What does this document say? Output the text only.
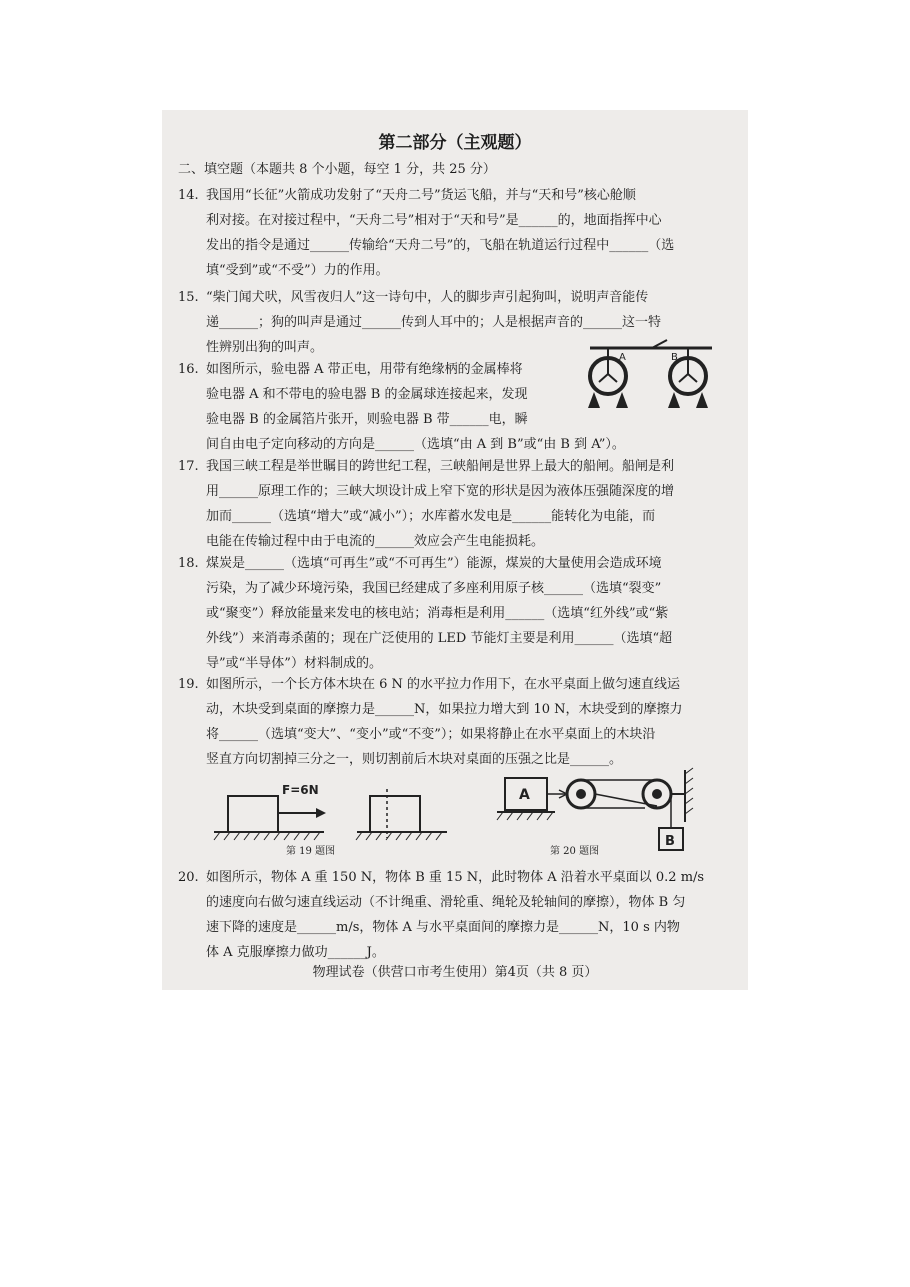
第二部分（主观题）
二、填空题（本题共 8 个小题，每空 1 分，共 25 分）
14. 我国用“长征”火箭成功发射了“天舟二号”货运飞船，并与“天和号”核心舱顺
利对接。在对接过程中，“天舟二号”相对于“天和号”是______的，地面指挥中心
发出的指令是通过______传输给“天舟二号”的，飞船在轨道运行过程中______（选
填“受到”或“不受”）力的作用。
15. “柴门闻犬吠，风雪夜归人”这一诗句中，人的脚步声引起狗叫，说明声音能传
递______；狗的叫声是通过______传到人耳中的；人是根据声音的______这一特
性辨别出狗的叫声。
16. 如图所示，验电器 A 带正电，用带有绝缘柄的金属棒将
验电器 A 和不带电的验电器 B 的金属球连接起来，发现
验电器 B 的金属箔片张开，则验电器 B 带______电，瞬
间自由电子定向移动的方向是______（选填“由 A 到 B”或“由 B 到 A”）。
A	B
17. 我国三峡工程是举世瞩目的跨世纪工程，三峡船闸是世界上最大的船闸。船闸是利
用______原理工作的；三峡大坝设计成上窄下宽的形状是因为液体压强随深度的增
加而______（选填“增大”或“减小”）；水库蓄水发电是______能转化为电能，而
电能在传输过程中由于电流的______效应会产生电能损耗。
18. 煤炭是______（选填“可再生”或“不可再生”）能源，煤炭的大量使用会造成环境
污染，为了减少环境污染，我国已经建成了多座利用原子核______（选填“裂变”
或“聚变”）释放能量来发电的核电站；消毒柜是利用______（选填“红外线”或“紫
外线”）来消毒杀菌的；现在广泛使用的 LED 节能灯主要是利用______（选填“超
导”或“半导体”）材料制成的。
19. 如图所示，一个长方体木块在 6 N 的水平拉力作用下，在水平桌面上做匀速直线运
动，木块受到桌面的摩擦力是______N，如果拉力增大到 10 N，木块受到的摩擦力
将______（选填“变大”、“变小”或“不变”）；如果将静止在水平桌面上的木块沿
竖直方向切割掉三分之一，则切割前后木块对桌面的压强之比是______。
F=6N
第 19 题图
A
B
第 20 题图
20. 如图所示，物体 A 重 150 N，物体 B 重 15 N，此时物体 A 沿着水平桌面以 0.2 m/s
的速度向右做匀速直线运动（不计绳重、滑轮重、绳轮及轮轴间的摩擦），物体 B 匀
速下降的速度是______m/s，物体 A 与水平桌面间的摩擦力是______N，10 s 内物
体 A 克服摩擦力做功______J。
物理试卷（供营口市考生使用）第4页（共 8 页）
